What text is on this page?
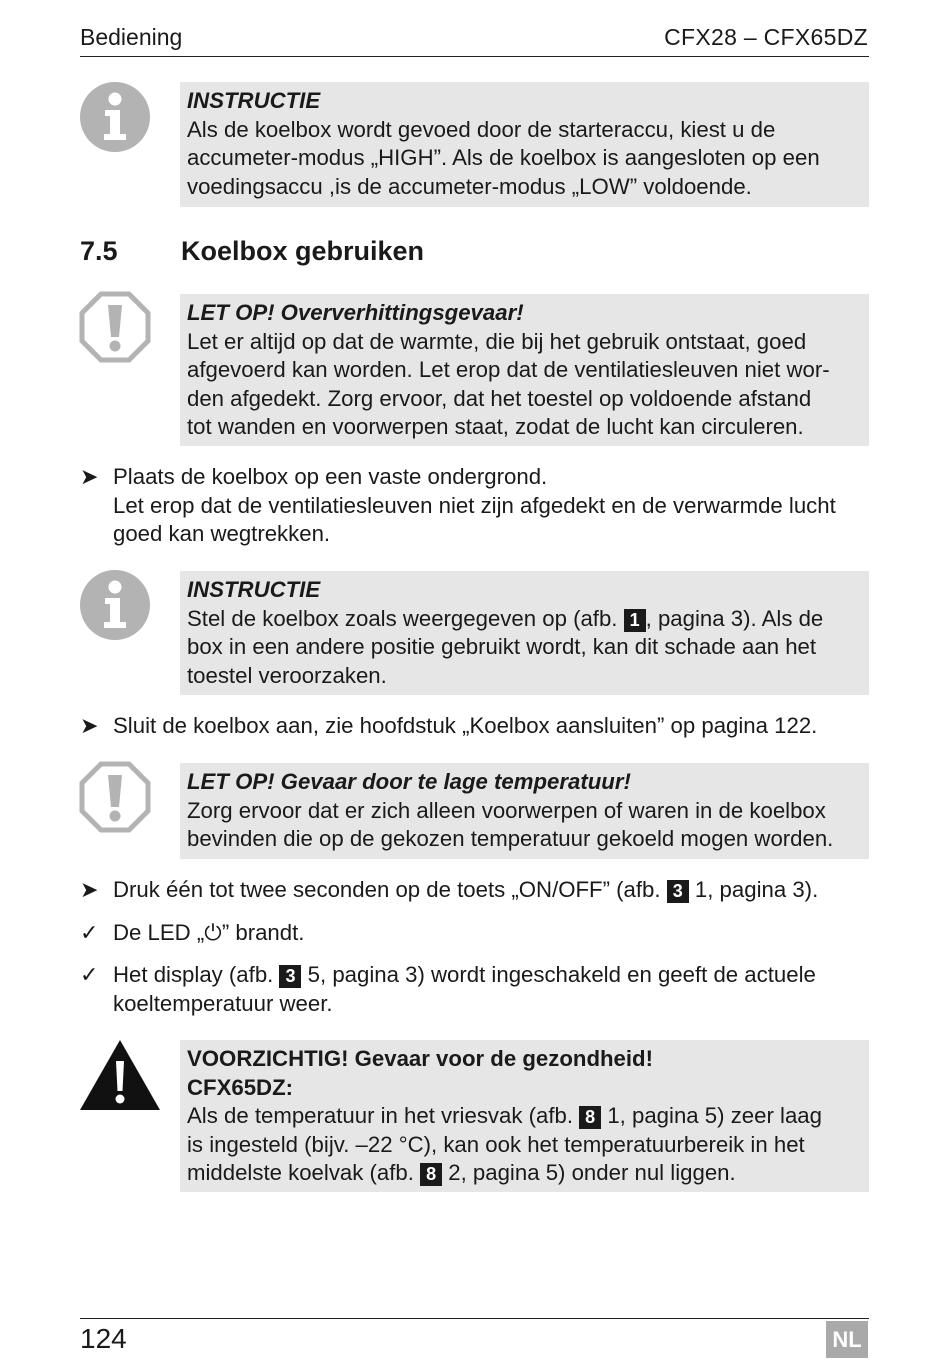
Bediening	CFX28 – CFX65DZ
INSTRUCTIE
Als de koelbox wordt gevoed door de starteraccu, kiest u de
accumeter-modus „HIGH”. Als de koelbox is aangesloten op een
voedingsaccu ,is de accumeter-modus „LOW” voldoende.
7.5 Koelbox gebruiken
LET OP! Oververhittingsgevaar!
Let er altijd op dat de warmte, die bij het gebruik ontstaat, goed
afgevoerd kan worden. Let erop dat de ventilatiesleuven niet wor-
den afgedekt. Zorg ervoor, dat het toestel op voldoende afstand
tot wanden en voorwerpen staat, zodat de lucht kan circuleren.
➤ Plaats de koelbox op een vaste ondergrond.
Let erop dat de ventilatiesleuven niet zijn afgedekt en de verwarmde lucht
goed kan wegtrekken.
INSTRUCTIE
Stel de koelbox zoals weergegeven op (afb. 1 , pagina 3). Als de
box in een andere positie gebruikt wordt, kan dit schade aan het
toestel veroorzaken.
➤ Sluit de koelbox aan, zie hoofdstuk „Koelbox aansluiten” op pagina 122.
LET OP! Gevaar door te lage temperatuur!
Zorg ervoor dat er zich alleen voorwerpen of waren in de koelbox
bevinden die op de gekozen temperatuur gekoeld mogen worden.
➤ Druk één tot twee seconden op de toets „ON/OFF” (afb. 3 1, pagina 3).
✓ De LED „⏻” brandt.
✓ Het display (afb. 3 5, pagina 3) wordt ingeschakeld en geeft de actuele
koeltemperatuur weer.
VOORZICHTIG! Gevaar voor de gezondheid!
CFX65DZ:
Als de temperatuur in het vriesvak (afb. 8 1, pagina 5) zeer laag
is ingesteld (bijv. –22 °C), kan ook het temperatuurbereik in het
middelste koelvak (afb. 8 2, pagina 5) onder nul liggen.
124	NL
